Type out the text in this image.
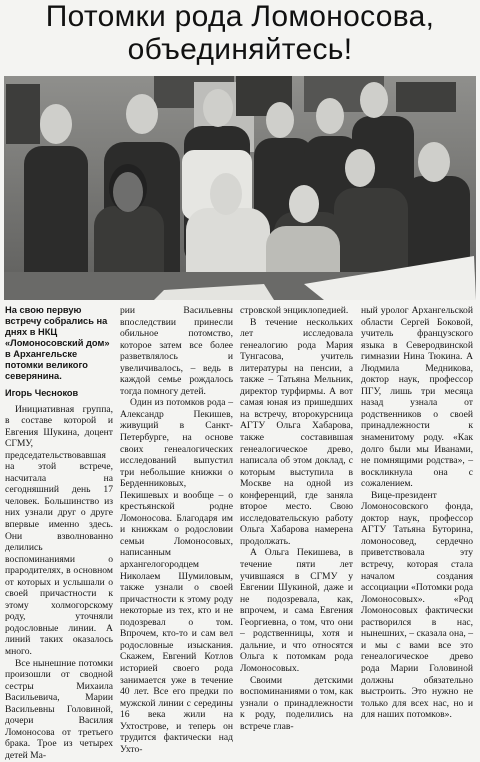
Потомки рода Ломоносова,
объединяйтесь!
На свою первую встречу собрались на днях в НКЦ «Ломоносовский дом» в Архангельске потомки великого северянина.
Игорь Чесноков

Инициативная группа, в составе которой и Евгения Шукина, доцент СГМУ, председательствовавшая на этой встрече, насчитала на сегодняшний день 17 человек. Большинство из них узнали друг о друге впервые именно здесь. Они взволнованно делились воспоминаниями о прародителях, в основном от которых и услышали о своей причастности к этому холмогорскому роду, уточняли родословные линии. А линий таких оказалось много.

Все нынешние потомки произошли от сводной сестры Михаила Васильевича, Марии Васильевны Головиной, дочери Василия Ломоносова от третьего брака. Трое из четырех детей Ма-

рии Васильевны впоследствии принесли обильное потомство, которое затем все более разветвлялось и увеличивалось, – ведь в каждой семье рождалось тогда помногу детей.

Один из потомков рода – Александр Пекишев, живущий в Санкт-Петербурге, на основе своих генеалогических исследований выпустил три небольшие книжки о Берденниковых, Пекишевых и вообще – о крестьянской родне Ломоносова. Благодаря им и книжкам о родословии семьи Ломоносовых, написанным архангелогородцем Николаем Шумиловым, также узнали о своей причастности к этому роду некоторые из тех, кто и не подозревал о том. Впрочем, кто-то и сам вел родословные изыскания. Скажем, Евгений Котлов историей своего рода занимается уже в течение 40 лет. Все его предки по мужской линии с середины 16 века жили на Ухтострове, и теперь он трудится фактически над Ухто-

стровской энциклопедией.

В течение нескольких лет исследовала генеалогию рода Мария Тунгасова, учитель литературы на пенсии, а также – Татьяна Мельник, директор турфирмы. А вот самая юная из пришедших на встречу, второкурсница АГТУ Ольга Хабарова, также составившая генеалогическое древо, написала об этом доклад, с которым выступила в Москве на одной из конференций, где заняла второе место. Свою исследовательскую работу Ольга Хабарова намерена продолжать.

А Ольга Пекишева, в течение пяти лет учившаяся в СГМУ у Евгении Шукиной, даже и не подозревала, как, впрочем, и сама Евгения Георгиевна, о том, что они – родственницы, хотя и дальние, и что относятся Ольга к потомкам рода Ломоносовых.

Своими детскими воспоминаниями о том, как узнали о принадлежности к роду, поделились на встрече глав-

ный уролог Архангельской области Сергей Боковой, учитель французского языка в Северодвинской гимназии Нина Тюкина. А Людмила Медникова, доктор наук, профессор ПГУ, лишь три месяца назад узнала от родственников о своей принадлежности к знаменитому роду. «Как долго были мы Иванами, не помнящими родства», – воскликнула она с сожалением.

Вице-президент Ломоносовского фонда, доктор наук, профессор АГТУ Татьяна Буторина, ломоносовед, сердечно приветствовала эту встречу, которая стала началом создания ассоциации «Потомки рода Ломоносовых». «Род Ломоносовых фактически растворился в нас, нынешних, – сказала она, – и мы с вами все это генеалогическое древо рода Марии Головиной должны обязательно выстроить. Это нужно не только для всех нас, но и для наших потомков».
